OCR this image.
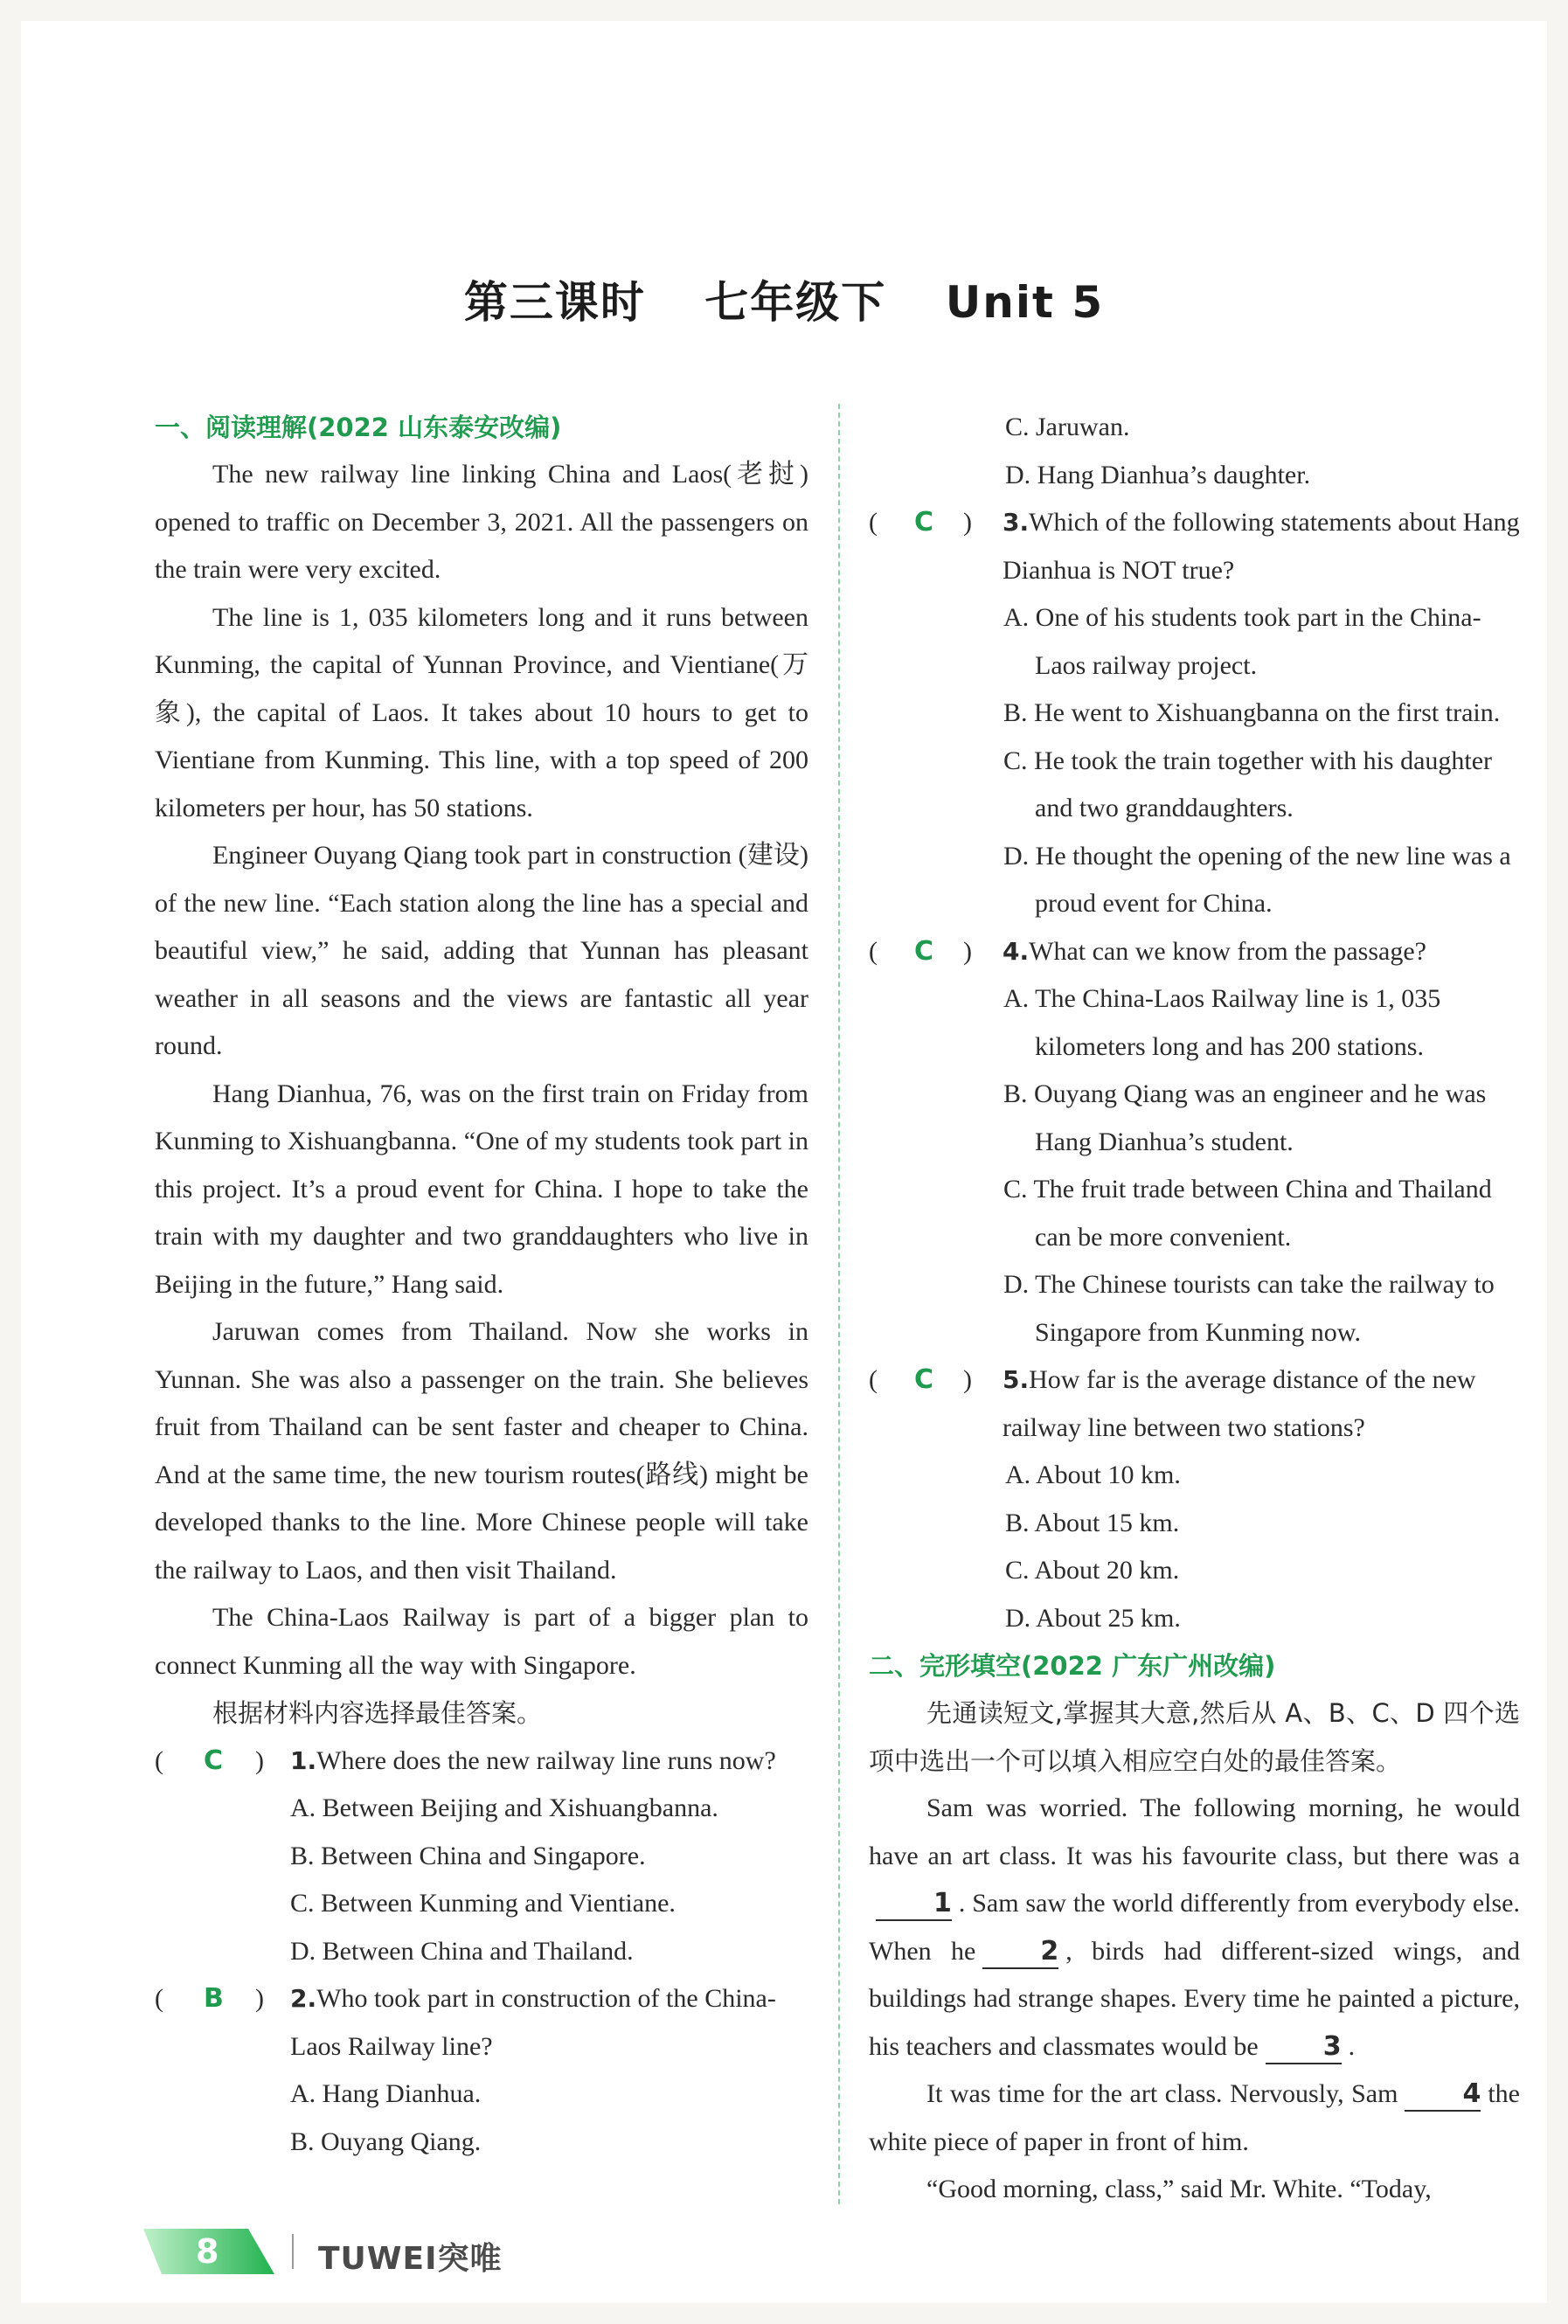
第三课时 七年级下 Unit 5
一、阅读理解(2022 山东泰安改编)

The new railway line linking China and Laos(老挝) opened to traffic on December 3, 2021. All the passengers on the train were very excited.

The line is 1, 035 kilometers long and it runs between Kunming, the capital of Yunnan Province, and Vientiane(万象), the capital of Laos. It takes about 10 hours to get to Vientiane from Kunming. This line, with a top speed of 200 kilometers per hour, has 50 stations.

Engineer Ouyang Qiang took part in construction (建设) of the new line. “Each station along the line has a special and beautiful view,” he said, adding that Yunnan has pleasant weather in all seasons and the views are fantastic all year round.

Hang Dianhua, 76, was on the first train on Friday from Kunming to Xishuangbanna. “One of my students took part in this project. It’s a proud event for China. I hope to take the train with my daughter and two granddaughters who live in Beijing in the future,” Hang said.

Jaruwan comes from Thailand. Now she works in Yunnan. She was also a passenger on the train. She believes fruit from Thailand can be sent faster and cheaper to China. And at the same time, the new tourism routes(路线) might be developed thanks to the line. More Chinese people will take the railway to Laos, and then visit Thailand.

The China-Laos Railway is part of a bigger plan to connect Kunming all the way with Singapore.

根据材料内容选择最佳答案。

( C ) 1.Where does the new railway line runs now?
A. Between Beijing and Xishuangbanna.
B. Between China and Singapore.
C. Between Kunming and Vientiane.
D. Between China and Thailand.
( B ) 2.Who took part in construction of the China-Laos Railway line?
A. Hang Dianhua.
B. Ouyang Qiang.
C. Jaruwan.
D. Hang Dianhua’s daughter.
( C ) 3.Which of the following statements about Hang Dianhua is NOT true?
A. One of his students took part in the China-Laos railway project.
B. He went to Xishuangbanna on the first train.
C. He took the train together with his daughter and two granddaughters.
D. He thought the opening of the new line was a proud event for China.
( C ) 4.What can we know from the passage?
A. The China-Laos Railway line is 1, 035 kilometers long and has 200 stations.
B. Ouyang Qiang was an engineer and he was Hang Dianhua’s student.
C. The fruit trade between China and Thailand can be more convenient.
D. The Chinese tourists can take the railway to Singapore from Kunming now.
( C ) 5.How far is the average distance of the new railway line between two stations?
A. About 10 km.
B. About 15 km.
C. About 20 km.
D. About 25 km.
二、完形填空(2022 广东广州改编)

先通读短文,掌握其大意,然后从 A、B、C、D 四个选项中选出一个可以填入相应空白处的最佳答案。

Sam was worried. The following morning, he would have an art class. It was his favourite class, but there was a1 . Sam saw the world differently from everybody else. When he 2 , birds had different-sized wings, and buildings had strange shapes. Every time he painted a picture, his teachers and classmates would be 3 .

It was time for the art class. Nervously, Sam 4 the white piece of paper in front of him.

“Good morning, class,” said Mr. White. “Today,

8	TUWEI突唯
